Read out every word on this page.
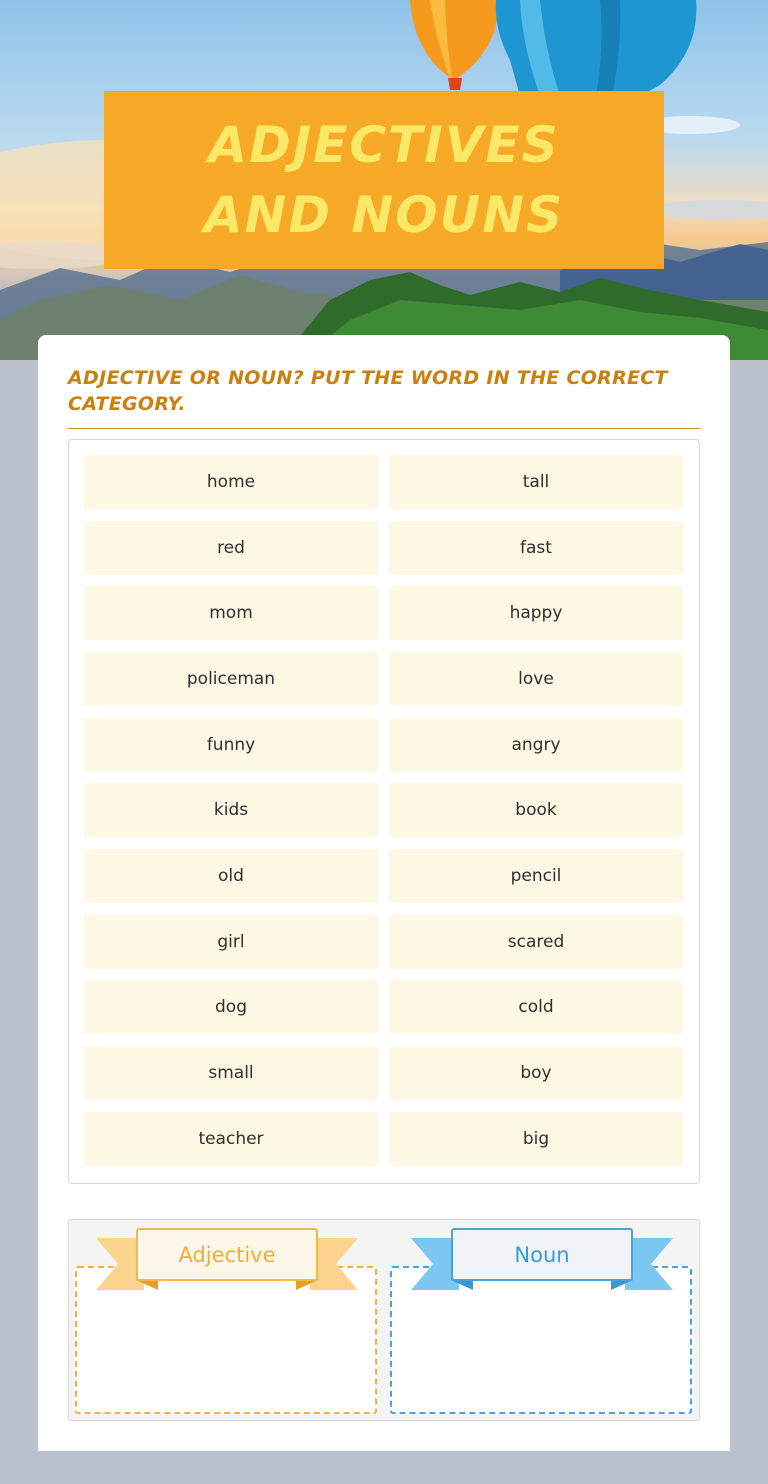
ADJECTIVES AND NOUNS
ADJECTIVE OR NOUN? PUT THE WORD IN THE CORRECT CATEGORY.
home	tall
red	fast
mom	happy
policeman	love
funny	angry
kids	book
old	pencil
girl	scared
dog	cold
small	boy
teacher	big
Adjective	Noun
